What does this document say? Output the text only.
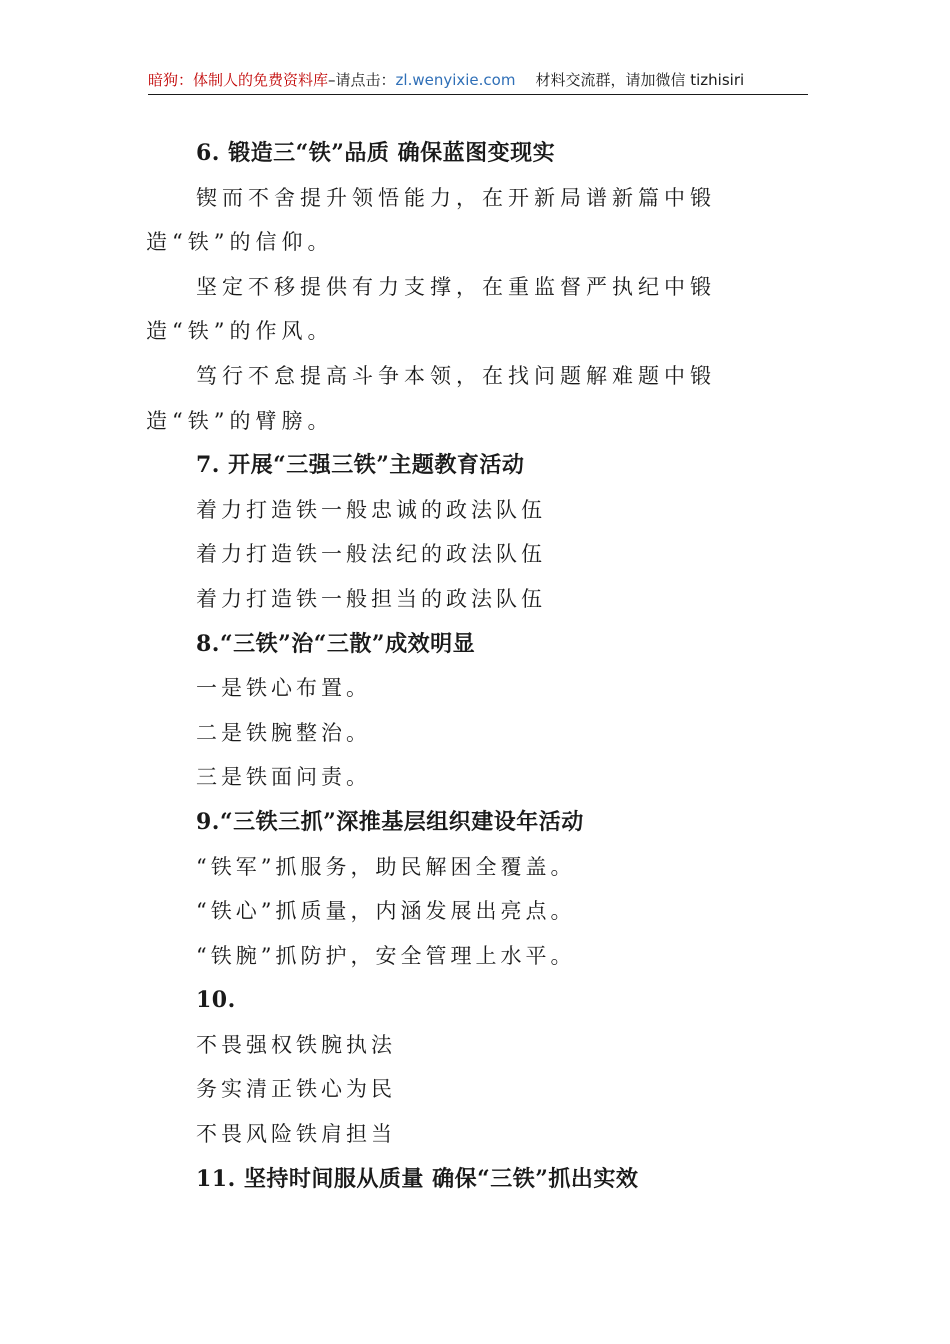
暗狗：体制人的免费资料库–请点击：zl.wenyixie.com 材料交流群，请加微信 tizhisiri
6. 锻造三“铁”品质 确保蓝图变现实

锲而不舍提升领悟能力，在开新局谱新篇中锻造“铁”的信仰。

坚定不移提供有力支撑，在重监督严执纪中锻造“铁”的作风。

笃行不怠提高斗争本领，在找问题解难题中锻造“铁”的臂膀。

7. 开展“三强三铁”主题教育活动
着力打造铁一般忠诚的政法队伍
着力打造铁一般法纪的政法队伍
着力打造铁一般担当的政法队伍
8.“三铁”治“三散”成效明显
一是铁心布置。
二是铁腕整治。
三是铁面问责。
9.“三铁三抓”深推基层组织建设年活动
“铁军”抓服务，助民解困全覆盖。
“铁心”抓质量，内涵发展出亮点。
“铁腕”抓防护，安全管理上水平。
10.
不畏强权铁腕执法
务实清正铁心为民
不畏风险铁肩担当
11. 坚持时间服从质量 确保“三铁”抓出实效
